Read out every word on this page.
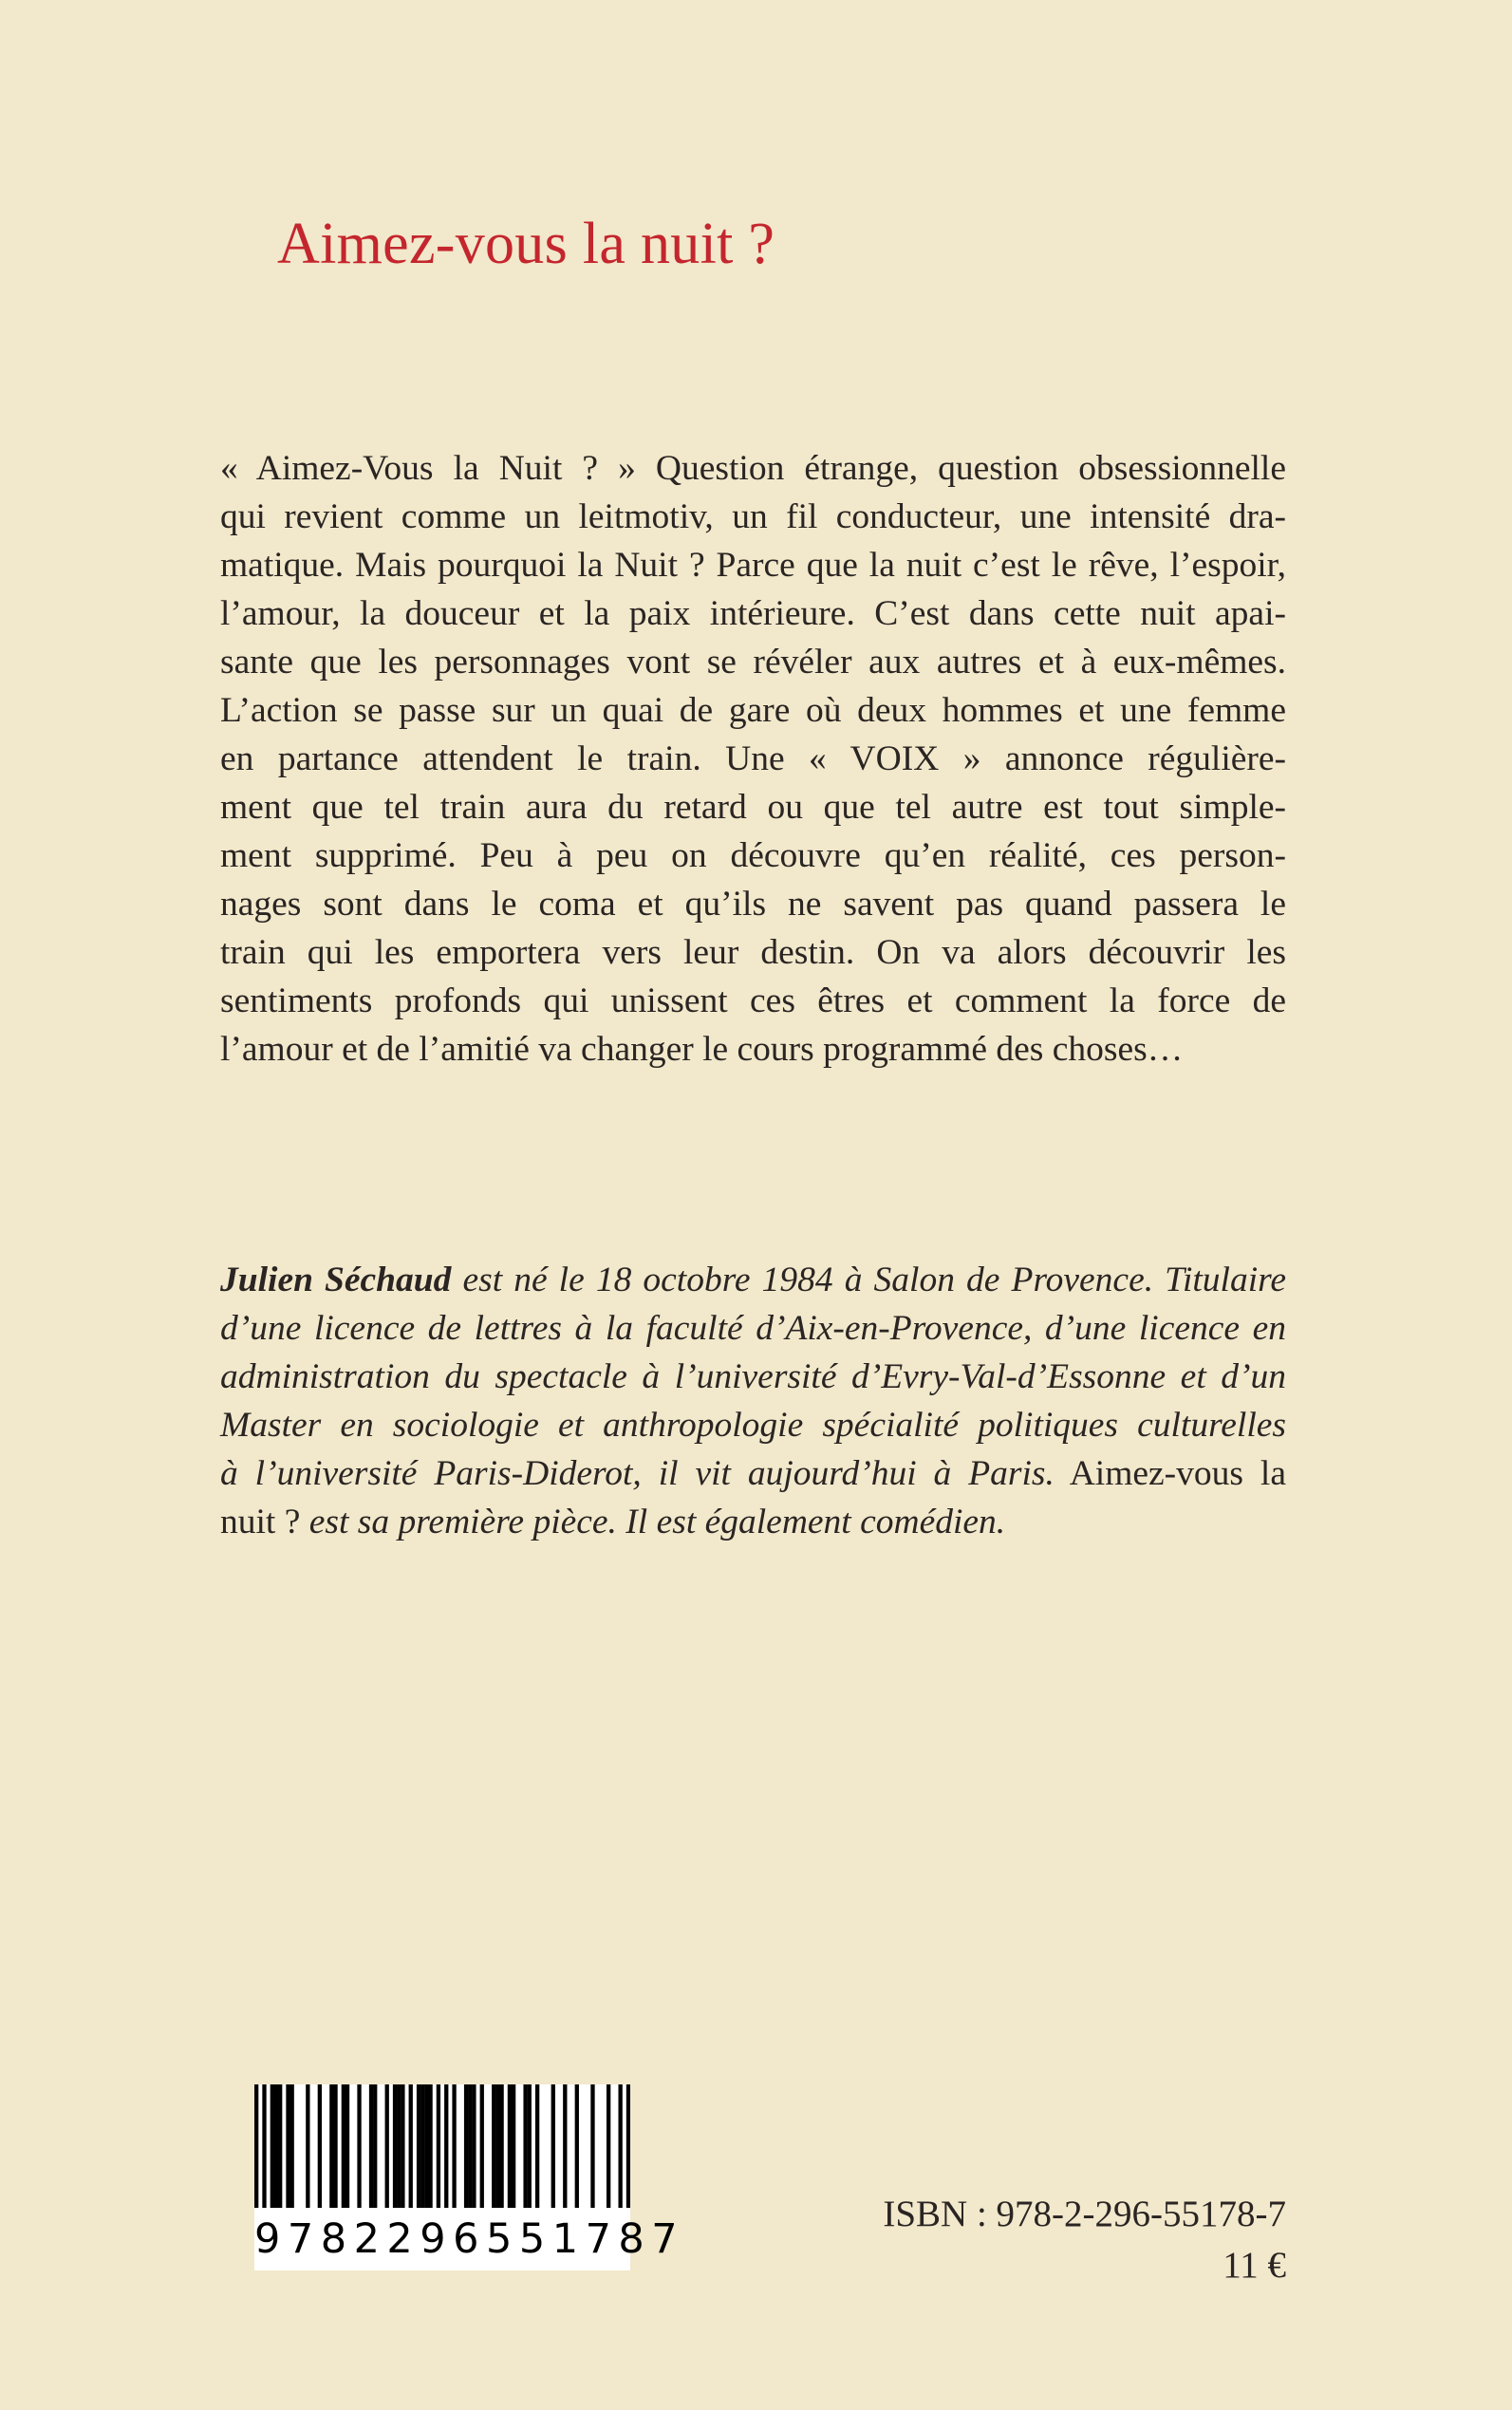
Aimez-vous la nuit ?
« Aimez-Vous la Nuit ? » Question étrange, question obsessionnelle
qui revient comme un leitmotiv, un fil conducteur, une intensité dra-
matique. Mais pourquoi la Nuit ? Parce que la nuit c’est le rêve, l’espoir,
l’amour, la douceur et la paix intérieure. C’est dans cette nuit apai-
sante que les personnages vont se révéler aux autres et à eux-mêmes.
L’action se passe sur un quai de gare où deux hommes et une femme
en partance attendent le train. Une « VOIX » annonce régulière-
ment que tel train aura du retard ou que tel autre est tout simple-
ment supprimé. Peu à peu on découvre qu’en réalité, ces person-
nages sont dans le coma et qu’ils ne savent pas quand passera le
train qui les emportera vers leur destin. On va alors découvrir les
sentiments profonds qui unissent ces êtres et comment la force de
l’amour et de l’amitié va changer le cours programmé des choses…
Julien Séchaud est né le 18 octobre 1984 à Salon de Provence. Titulaire
d’une licence de lettres à la faculté d’Aix-en-Provence, d’une licence en
administration du spectacle à l’université d’Evry-Val-d’Essonne et d’un
Master en sociologie et anthropologie spécialité politiques culturelles
à l’université Paris-Diderot, il vit aujourd’hui à Paris. Aimez-vous la
nuit ? est sa première pièce. Il est également comédien.
9782296551787

ISBN : 978-2-296-55178-7

11 €
